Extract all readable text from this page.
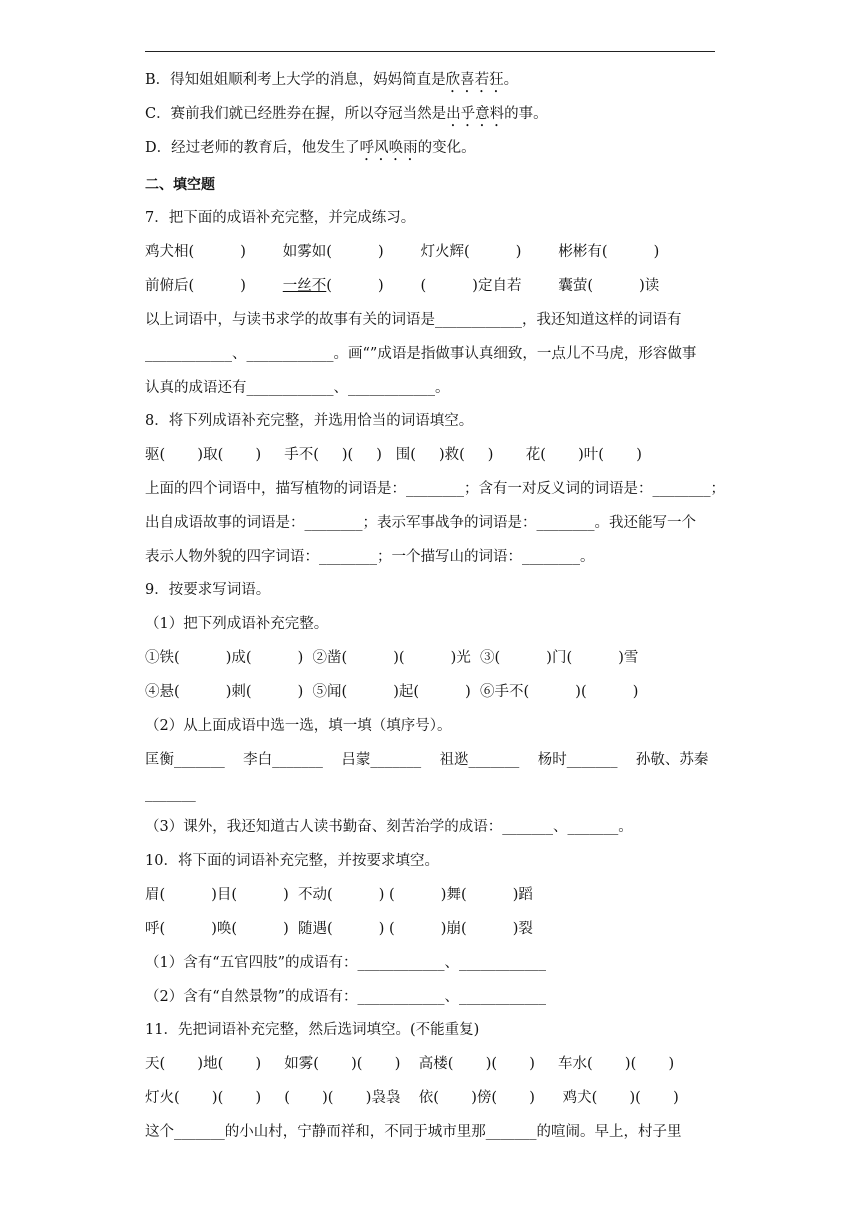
B．得知姐姐顺利考上大学的消息，妈妈简直是欣喜若狂。
C．赛前我们就已经胜券在握，所以夺冠当然是出乎意料的事。
D．经过老师的教育后，他发生了呼风唤雨的变化。
二、填空题
7．把下面的成语补充完整，并完成练习。
鸡犬相(          )        如雾如(          )        灯火辉(          )        彬彬有(          )
前俯后(          )        一丝不(          )        (          )定自若        囊萤(          )读
以上词语中，与读书求学的故事有关的词语是____________，我还知道这样的词语有
____________、____________。画“”成语是指做事认真细致，一点儿不马虎，形容做事
认真的成语还有____________、____________。
8．将下列成语补充完整，并选用恰当的词语填空。
驱(       )取(       )     手不(     )(     )   围(     )救(     )       花(       )叶(       )
上面的四个词语中，描写植物的词语是：________；含有一对反义词的词语是：________；
出自成语故事的词语是：________；表示军事战争的词语是：________。我还能写一个
表示人物外貌的四字词语：________；一个描写山的词语：________。
9．按要求写词语。
（1）把下列成语补充完整。
①铁(          )成(          )  ②凿(          )(          )光  ③(          )门(          )雪
④悬(          )刺(          )  ⑤闻(          )起(          )  ⑥手不(          )(          )
（2）从上面成语中选一选，填一填（填序号）。
匡衡_______    李白_______    吕蒙_______    祖逖_______    杨时_______    孙敬、苏秦
_______
（3）课外，我还知道古人读书勤奋、刻苦治学的成语：_______、_______。
10．将下面的词语补充完整，并按要求填空。
眉(          )目(          )  不动(          ) (          )舞(          )蹈
呼(          )唤(          )  随遇(          ) (          )崩(          )裂
（1）含有“五官四肢”的成语有：____________、____________
（2）含有“自然景物”的成语有：____________、____________
11．先把词语补充完整，然后选词填空。(不能重复)
天(       )地(       )     如雾(       )(       )    高楼(       )(       )     车水(       )(       )
灯火(       )(       )     (       )(       )袅袅    依(       )傍(       )      鸡犬(       )(       )
这个_______的小山村，宁静而祥和，不同于城市里那_______的喧闹。早上，村子里
